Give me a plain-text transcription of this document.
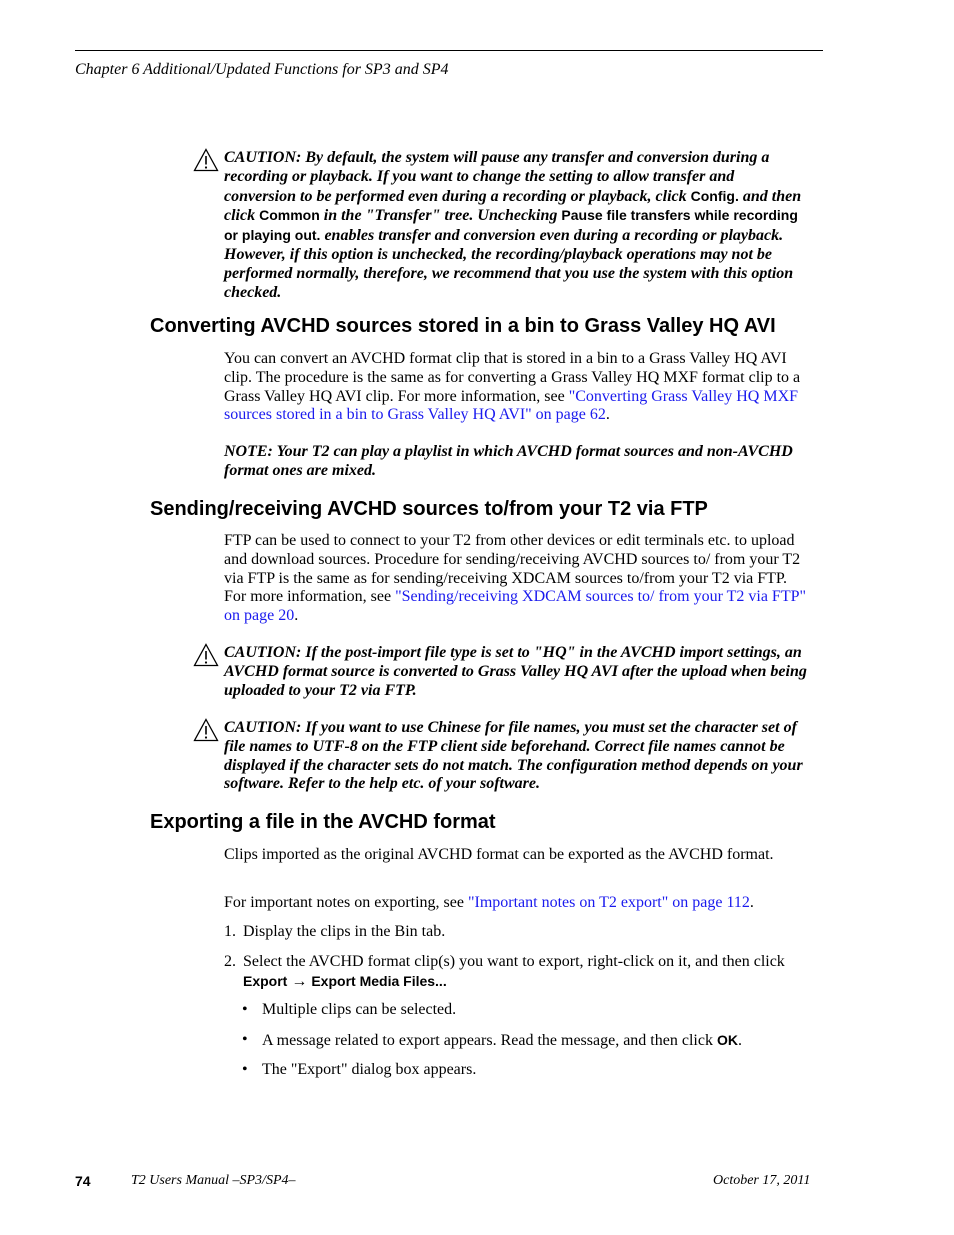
Chapter 6 Additional/Updated Functions for SP3 and SP4
CAUTION: By default, the system will pause any transfer and conversion during a recording or playback. If you want to change the setting to allow transfer and conversion to be performed even during a recording or playback, click Config. and then click Common in the "Transfer" tree. Unchecking Pause file transfers while recording or playing out. enables transfer and conversion even during a recording or playback. However, if this option is unchecked, the recording/playback operations may not be performed normally, therefore, we recommend that you use the system with this option checked.
Converting AVCHD sources stored in a bin to Grass Valley HQ AVI
You can convert an AVCHD format clip that is stored in a bin to a Grass Valley HQ AVI clip. The procedure is the same as for converting a Grass Valley HQ MXF format clip to a Grass Valley HQ AVI clip. For more information, see "Converting Grass Valley HQ MXF sources stored in a bin to Grass Valley HQ AVI" on page 62.
NOTE: Your T2 can play a playlist in which AVCHD format sources and non-AVCHD format ones are mixed.
Sending/receiving AVCHD sources to/from your T2 via FTP
FTP can be used to connect to your T2 from other devices or edit terminals etc. to upload and download sources. Procedure for sending/receiving AVCHD sources to/ from your T2 via FTP is the same as for sending/receiving XDCAM sources to/from your T2 via FTP. For more information, see "Sending/receiving XDCAM sources to/ from your T2 via FTP" on page 20.
CAUTION: If the post-import file type is set to "HQ" in the AVCHD import settings, an AVCHD format source is converted to Grass Valley HQ AVI after the upload when being uploaded to your T2 via FTP.
CAUTION: If you want to use Chinese for file names, you must set the character set of file names to UTF-8 on the FTP client side beforehand. Correct file names cannot be displayed if the character sets do not match. The configuration method depends on your software. Refer to the help etc. of your software.
Exporting a file in the AVCHD format
Clips imported as the original AVCHD format can be exported as the AVCHD format.
For important notes on exporting, see "Important notes on T2 export" on page 112.
1. Display the clips in the Bin tab.
2. Select the AVCHD format clip(s) you want to export, right-click on it, and then click Export → Export Media Files...
• Multiple clips can be selected.
• A message related to export appears. Read the message, and then click OK.
• The "Export" dialog box appears.
74	T2 Users Manual –SP3/SP4–	October 17, 2011
